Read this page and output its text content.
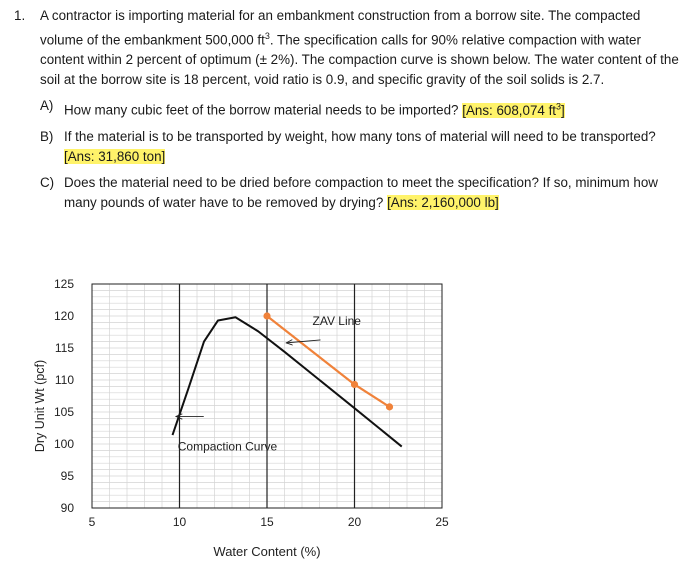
1. A contractor is importing material for an embankment construction from a borrow site. The compacted volume of the embankment 500,000 $ft^3$. The specification calls for 90% relative compaction with water content within 2 percent of optimum (± 2%). The compaction curve is shown below. The water content of the soil at the borrow site is 18 percent, void ratio is 0.9, and specific gravity of the soil solids is 2.7.
A) How many cubic feet of the borrow material needs to be imported? [Ans: 608,074 $ft^3$]
B) If the material is to be transported by weight, how many tons of material will need to be transported? [Ans: 31,860 ton]
C) Does the material need to be dried before compaction to meet the specification? If so, minimum how many pounds of water have to be removed by drying? [Ans: 2,160,000 lb]
90
95
100
105
110
115
120
125
5	10	15	20	25
Water Content (%)
Dry Unit Wt (pcf)
ZAV Line
Compaction Curve
